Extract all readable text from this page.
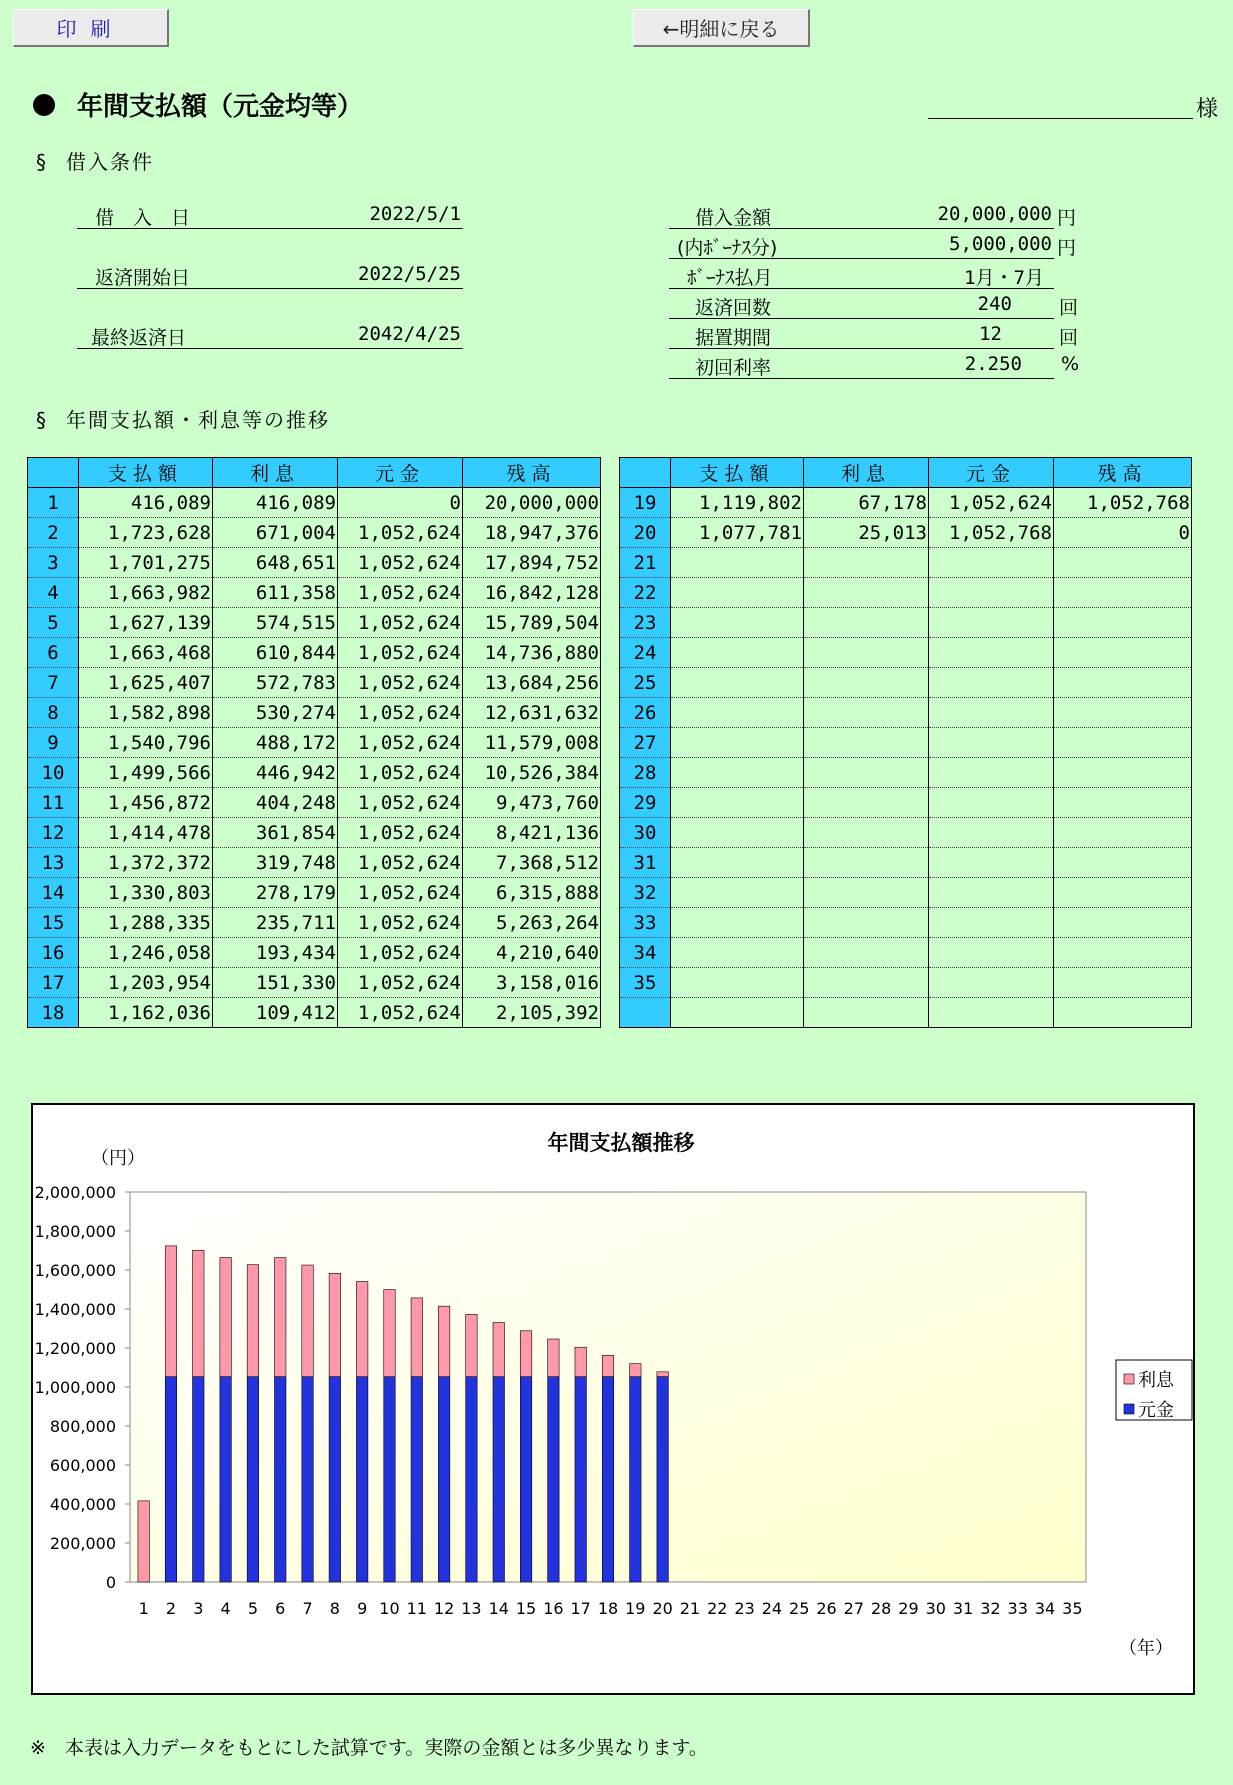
印刷	←明細に戻る
年間支払額（元金均等）	様
§ 借入条件
借　入　日	2022/5/1
返済開始日	2022/5/25
最終返済日	2042/4/25
借入金額	20,000,000 円
(内ﾎﾞｰﾅｽ分)	5,000,000 円
ﾎﾞｰﾅｽ払月	1月・7月
返済回数	240 回
据置期間	12	回
初回利率	2.250 %
§ 年間支払額・利息等の推移
	支払額	利息	元金	残高
1	416,089	416,089	0	20,000,000
2	1,723,628	671,004	1,052,624	18,947,376
3	1,701,275	648,651	1,052,624	17,894,752
4	1,663,982	611,358	1,052,624	16,842,128
5	1,627,139	574,515	1,052,624	15,789,504
6	1,663,468	610,844	1,052,624	14,736,880
7	1,625,407	572,783	1,052,624	13,684,256
8	1,582,898	530,274	1,052,624	12,631,632
9	1,540,796	488,172	1,052,624	11,579,008
10	1,499,566	446,942	1,052,624	10,526,384
11	1,456,872	404,248	1,052,624	9,473,760
12	1,414,478	361,854	1,052,624	8,421,136
13	1,372,372	319,748	1,052,624	7,368,512
14	1,330,803	278,179	1,052,624	6,315,888
15	1,288,335	235,711	1,052,624	5,263,264
16	1,246,058	193,434	1,052,624	4,210,640
17	1,203,954	151,330	1,052,624	3,158,016
18	1,162,036	109,412	1,052,624	2,105,392
	支払額	利息	元金	残高
19	1,119,802	67,178	1,052,624	1,052,768
20	1,077,781	25,013	1,052,768	0
21				
22				
23				
24				
25				
26				
27				
28				
29				
30				
31				
32				
33				
34				
35				

年間支払額推移
（円）
（年）
0
200,000
400,000
600,000
800,000
1,000,000
1,200,000
1,400,000
1,600,000
1,800,000
2,000,000
1 2 3 4 5 6 7 8 9 10 11 12 13 14 15 16 17 18 19 20 21 22 23 24 25 26 27 28 29 30 31 32 33 34 35
利息
元金
※　本表は入力データをもとにした試算です。実際の金額とは多少異なります。
